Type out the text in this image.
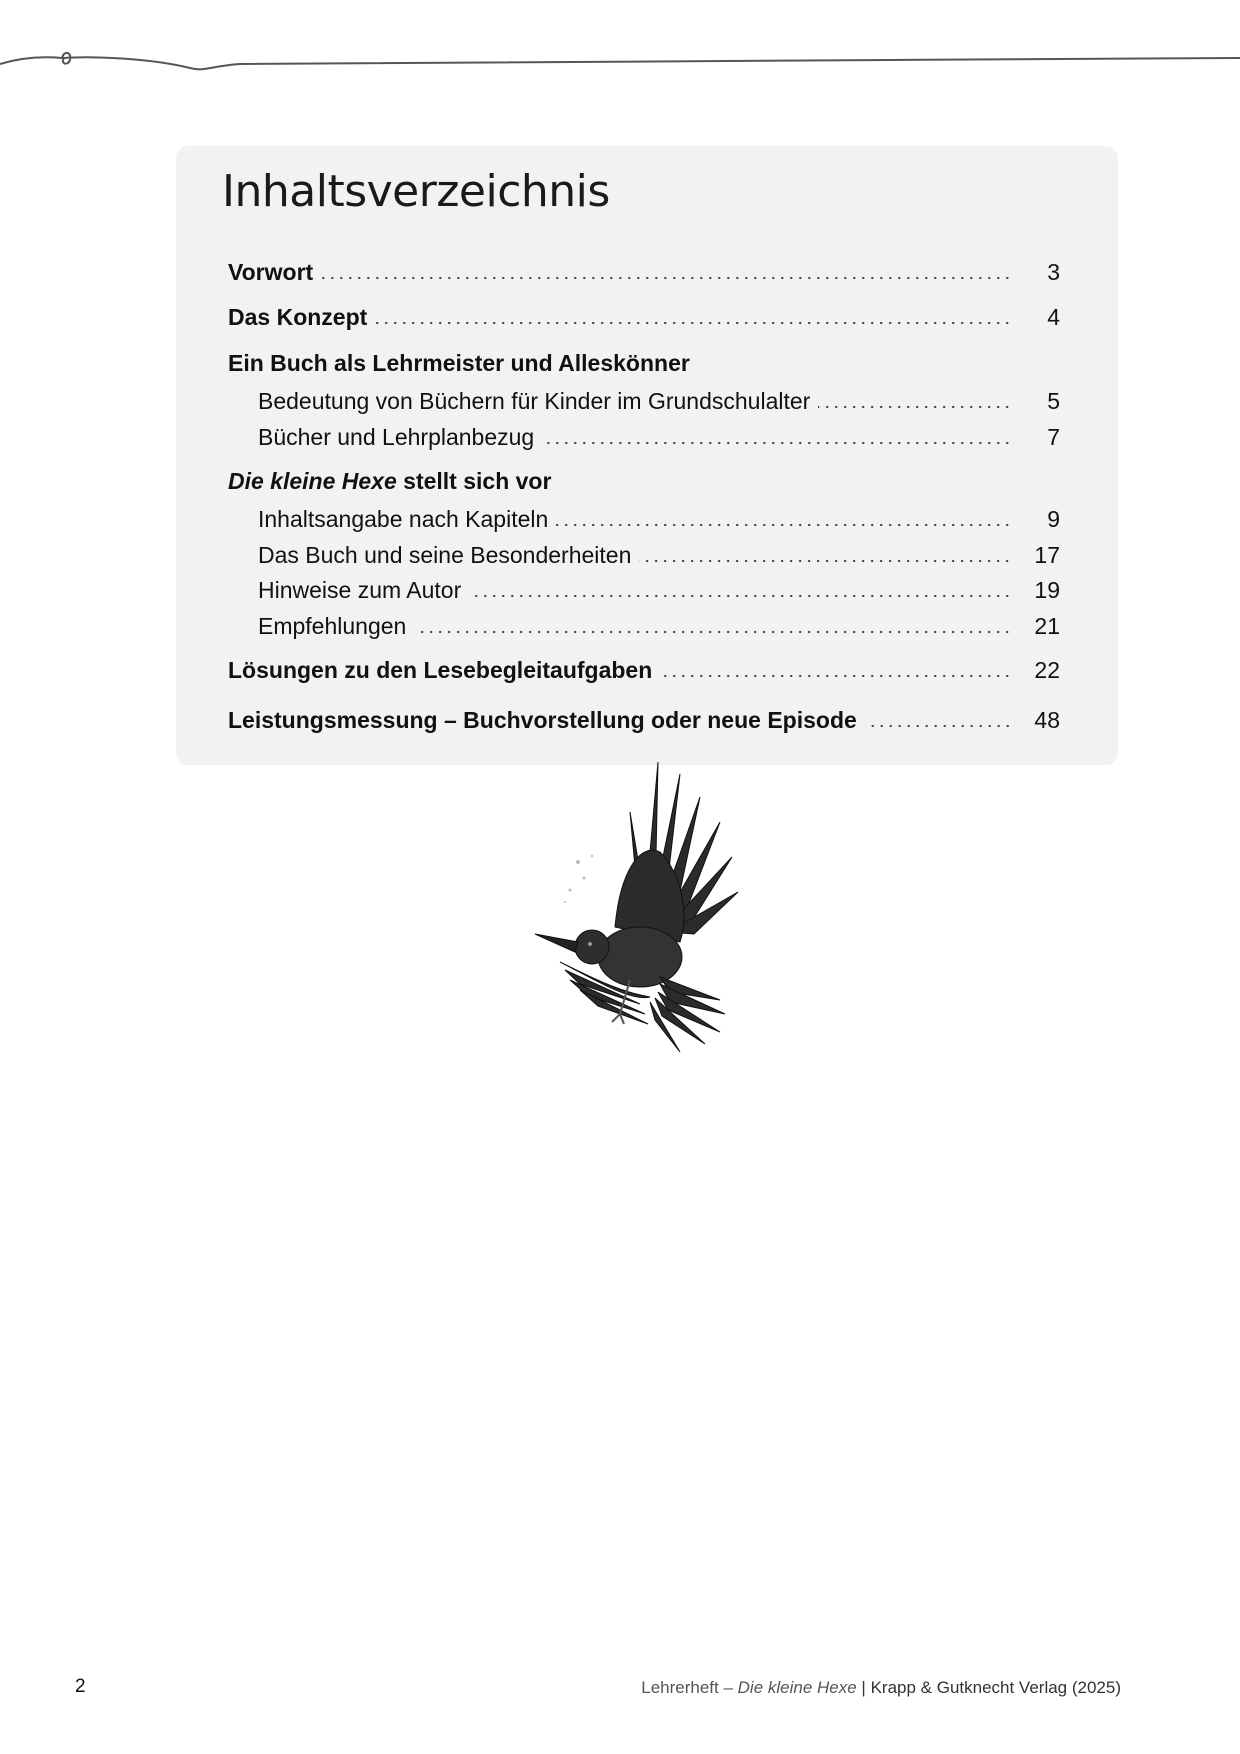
Inhaltsverzeichnis
Vorwort	3
Das Konzept	4
Ein Buch als Lehrmeister und Alleskönner
Bedeutung von Büchern für Kinder im Grundschulalter	5
Bücher und Lehrplanbezug	7
Die kleine Hexe stellt sich vor
Inhaltsangabe nach Kapiteln	9
Das Buch und seine Besonderheiten	17
Hinweise zum Autor	19
Empfehlungen	21
Lösungen zu den Lesebegleitaufgaben	22
Leistungsmessung – Buchvorstellung oder neue Episode	48
2	Lehrerheft – Die kleine Hexe | Krapp & Gutknecht Verlag (2025)
